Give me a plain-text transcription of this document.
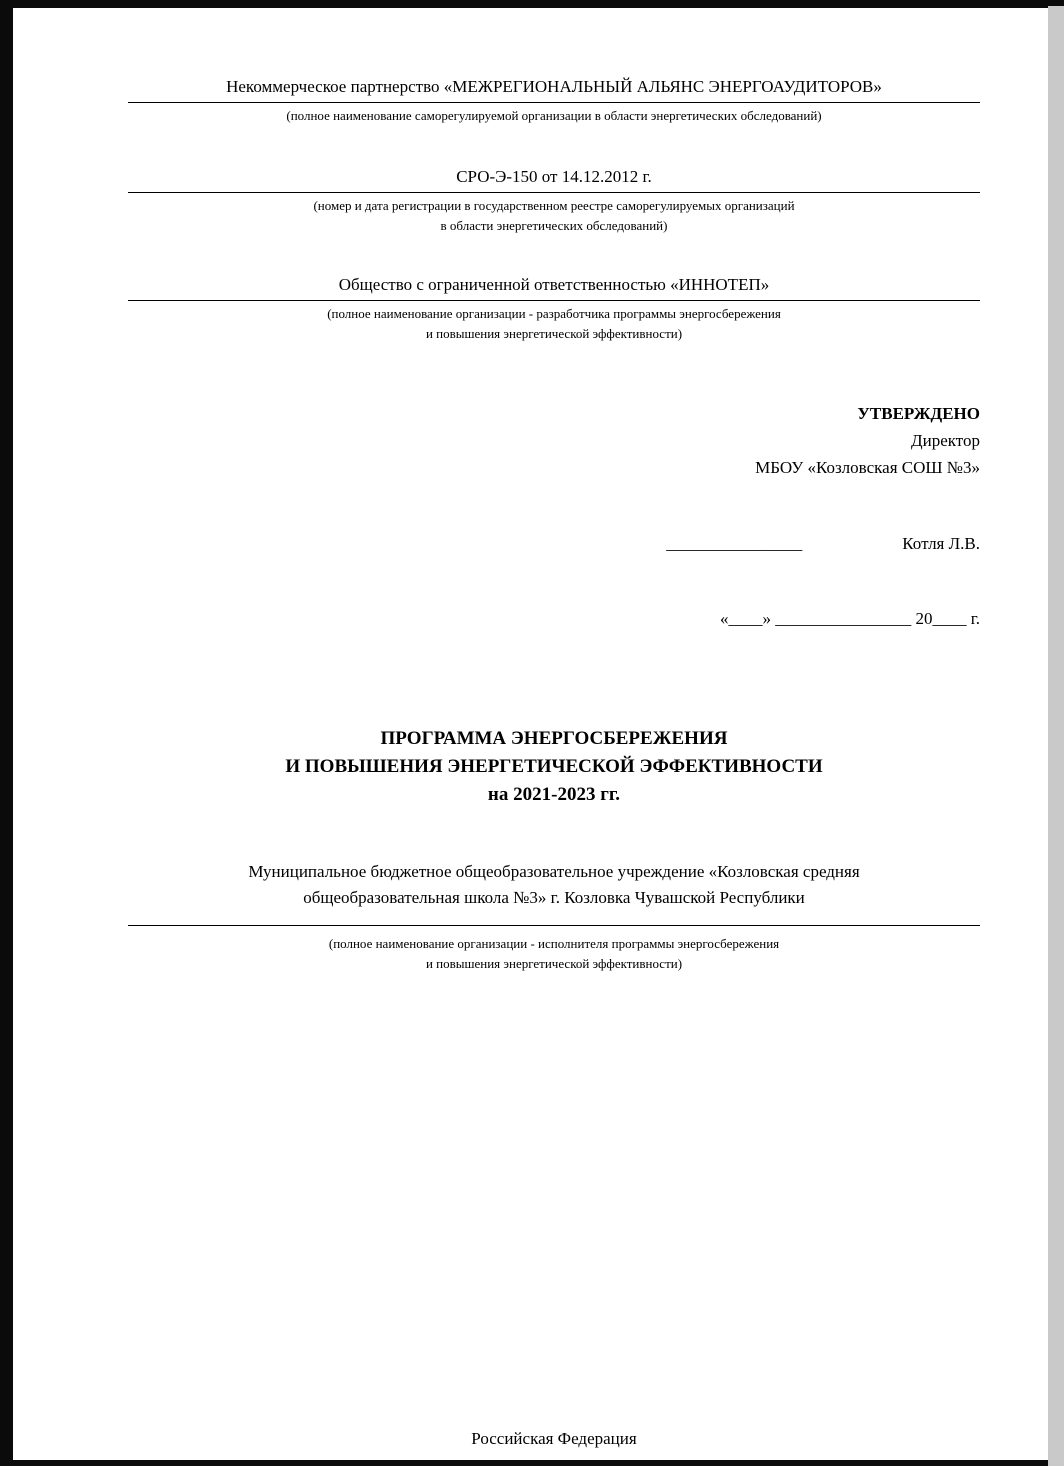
Некоммерческое партнерство «МЕЖРЕГИОНАЛЬНЫЙ АЛЬЯНС ЭНЕРГОАУДИТОРОВ»
(полное наименование саморегулируемой организации в области энергетических обследований)
СРО-Э-150 от 14.12.2012 г.
(номер и дата регистрации в государственном реестре саморегулируемых организаций
в области энергетических обследований)
Общество с ограниченной ответственностью «ИННОТЕП»
(полное наименование организации - разработчика программы энергосбережения
и повышения энергетической эффективности)
УТВЕРЖДЕНО
Директор
МБОУ «Козловская СОШ №3»
________________	Котля Л.В.
«____» ________________ 20____ г.
ПРОГРАММА ЭНЕРГОСБЕРЕЖЕНИЯ
И ПОВЫШЕНИЯ ЭНЕРГЕТИЧЕСКОЙ ЭФФЕКТИВНОСТИ
на 2021-2023 гг.
Муниципальное бюджетное общеобразовательное учреждение «Козловская средняя
общеобразовательная школа №3» г. Козловка Чувашской Республики
(полное наименование организации - исполнителя программы энергосбережения
и повышения энергетической эффективности)
Российская Федерация
